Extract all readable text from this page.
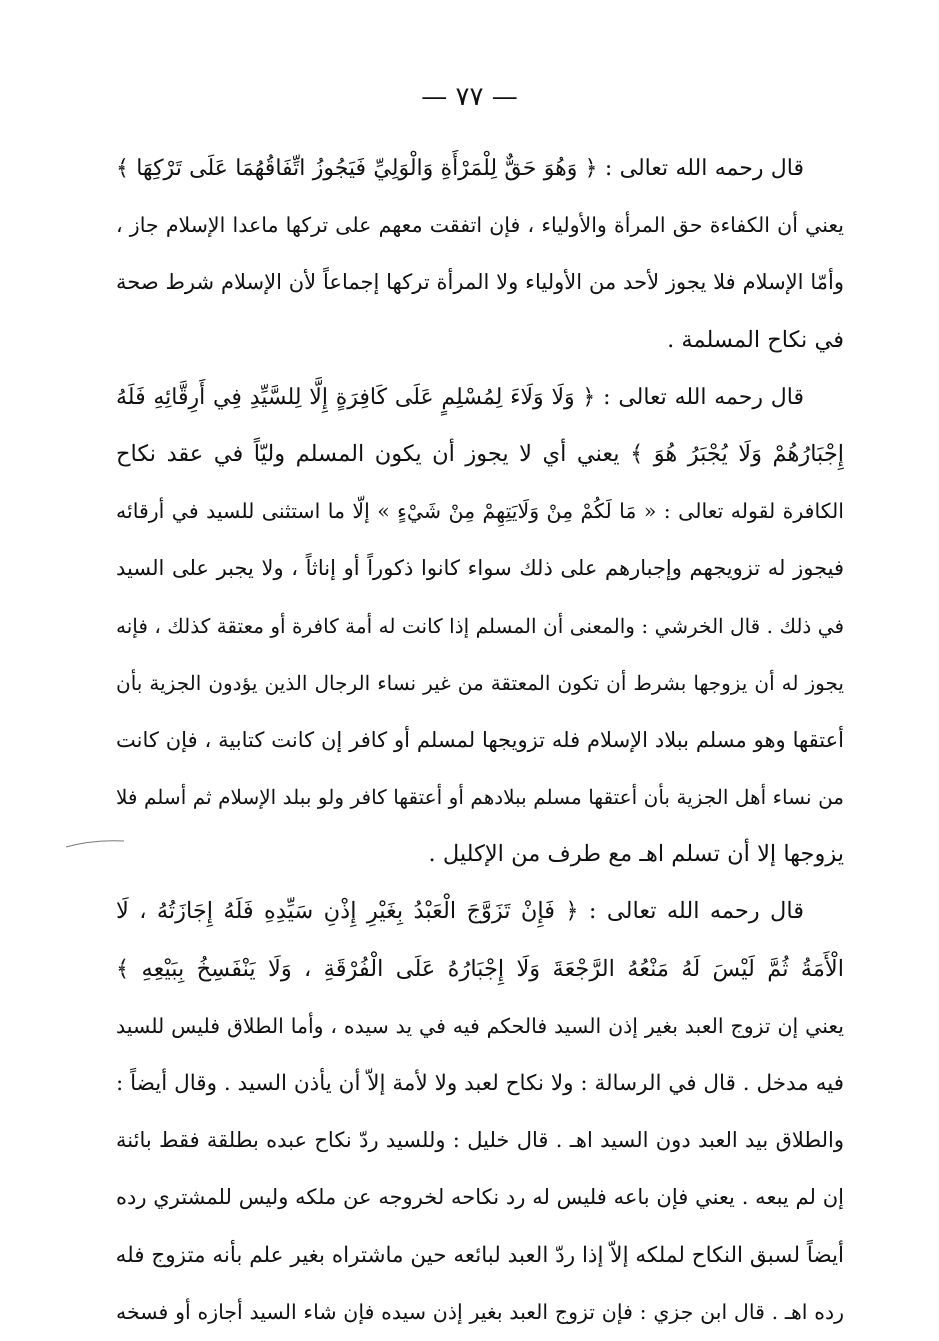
— ٧٧ —
قال رحمه الله تعالى : ﴿ وَهُوَ حَقٌّ لِلْمَرْأَةِ وَالْوَلِيِّ فَيَجُوزُ اتِّفَاقُهُمَا عَلَى تَرْكِهَا ﴾
يعني أن الكفاءة حق المرأة والأولياء ، فإن اتفقت معهم على تركها ماعدا الإسلام جاز ،
وأمّا الإسلام فلا يجوز لأحد من الأولياء ولا المرأة تركها إجماعاً لأن الإسلام شرط صحة
في نكاح المسلمة .
قال رحمه الله تعالى : ﴿ وَلَا وَلَاءَ لِمُسْلِمٍ عَلَى كَافِرَةٍ إِلَّا لِلسَّيِّدِ فِي أَرِقَّائِهِ فَلَهُ
إِجْبَارُهُمْ وَلَا يُجْبَرُ هُوَ ﴾ يعني أي لا يجوز أن يكون المسلم وليّاً في عقد نكاح
الكافرة لقوله تعالى : « مَا لَكُمْ مِنْ وَلَايَتِهِمْ مِنْ شَيْءٍ » إلّا ما استثنى للسيد في أرقائه
فيجوز له تزويجهم وإجبارهم على ذلك سواء كانوا ذكوراً أو إناثاً ، ولا يجبر على السيد
في ذلك . قال الخرشي : والمعنى أن المسلم إذا كانت له أمة كافرة أو معتقة كذلك ، فإنه
يجوز له أن يزوجها بشرط أن تكون المعتقة من غير نساء الرجال الذين يؤدون الجزية بأن
أعتقها وهو مسلم ببلاد الإسلام فله تزويجها لمسلم أو كافر إن كانت كتابية ، فإن كانت
من نساء أهل الجزية بأن أعتقها مسلم ببلادهم أو أعتقها كافر ولو ببلد الإسلام ثم أسلم فلا
يزوجها إلا أن تسلم اهـ مع طرف من الإكليل .
قال رحمه الله تعالى : ﴿ فَإِنْ تَزَوَّجَ الْعَبْدُ بِغَيْرِ إِذْنِ سَيِّدِهِ فَلَهُ إِجَازَتُهُ ، لَا
الْأَمَةُ ثُمَّ لَيْسَ لَهُ مَنْعُهُ الرَّجْعَةَ وَلَا إِجْبَارُهُ عَلَى الْفُرْقَةِ ، وَلَا يَنْفَسِخُ بِبَيْعِهِ ﴾
يعني إن تزوج العبد بغير إذن السيد فالحكم فيه في يد سيده ، وأما الطلاق فليس للسيد
فيه مدخل . قال في الرسالة : ولا نكاح لعبد ولا لأمة إلاّ أن يأذن السيد . وقال أيضاً :
والطلاق بيد العبد دون السيد اهـ . قال خليل : وللسيد ردّ نكاح عبده بطلقة فقط بائنة
إن لم يبعه . يعني فإن باعه فليس له رد نكاحه لخروجه عن ملكه وليس للمشتري رده
أيضاً لسبق النكاح لملكه إلاّ إذا ردّ العبد لبائعه حين ماشتراه بغير علم بأنه متزوج فله
رده اهـ . قال ابن جزي : فإن تزوج العبد بغير إذن سيده فإن شاء السيد أجازه أو فسخه
